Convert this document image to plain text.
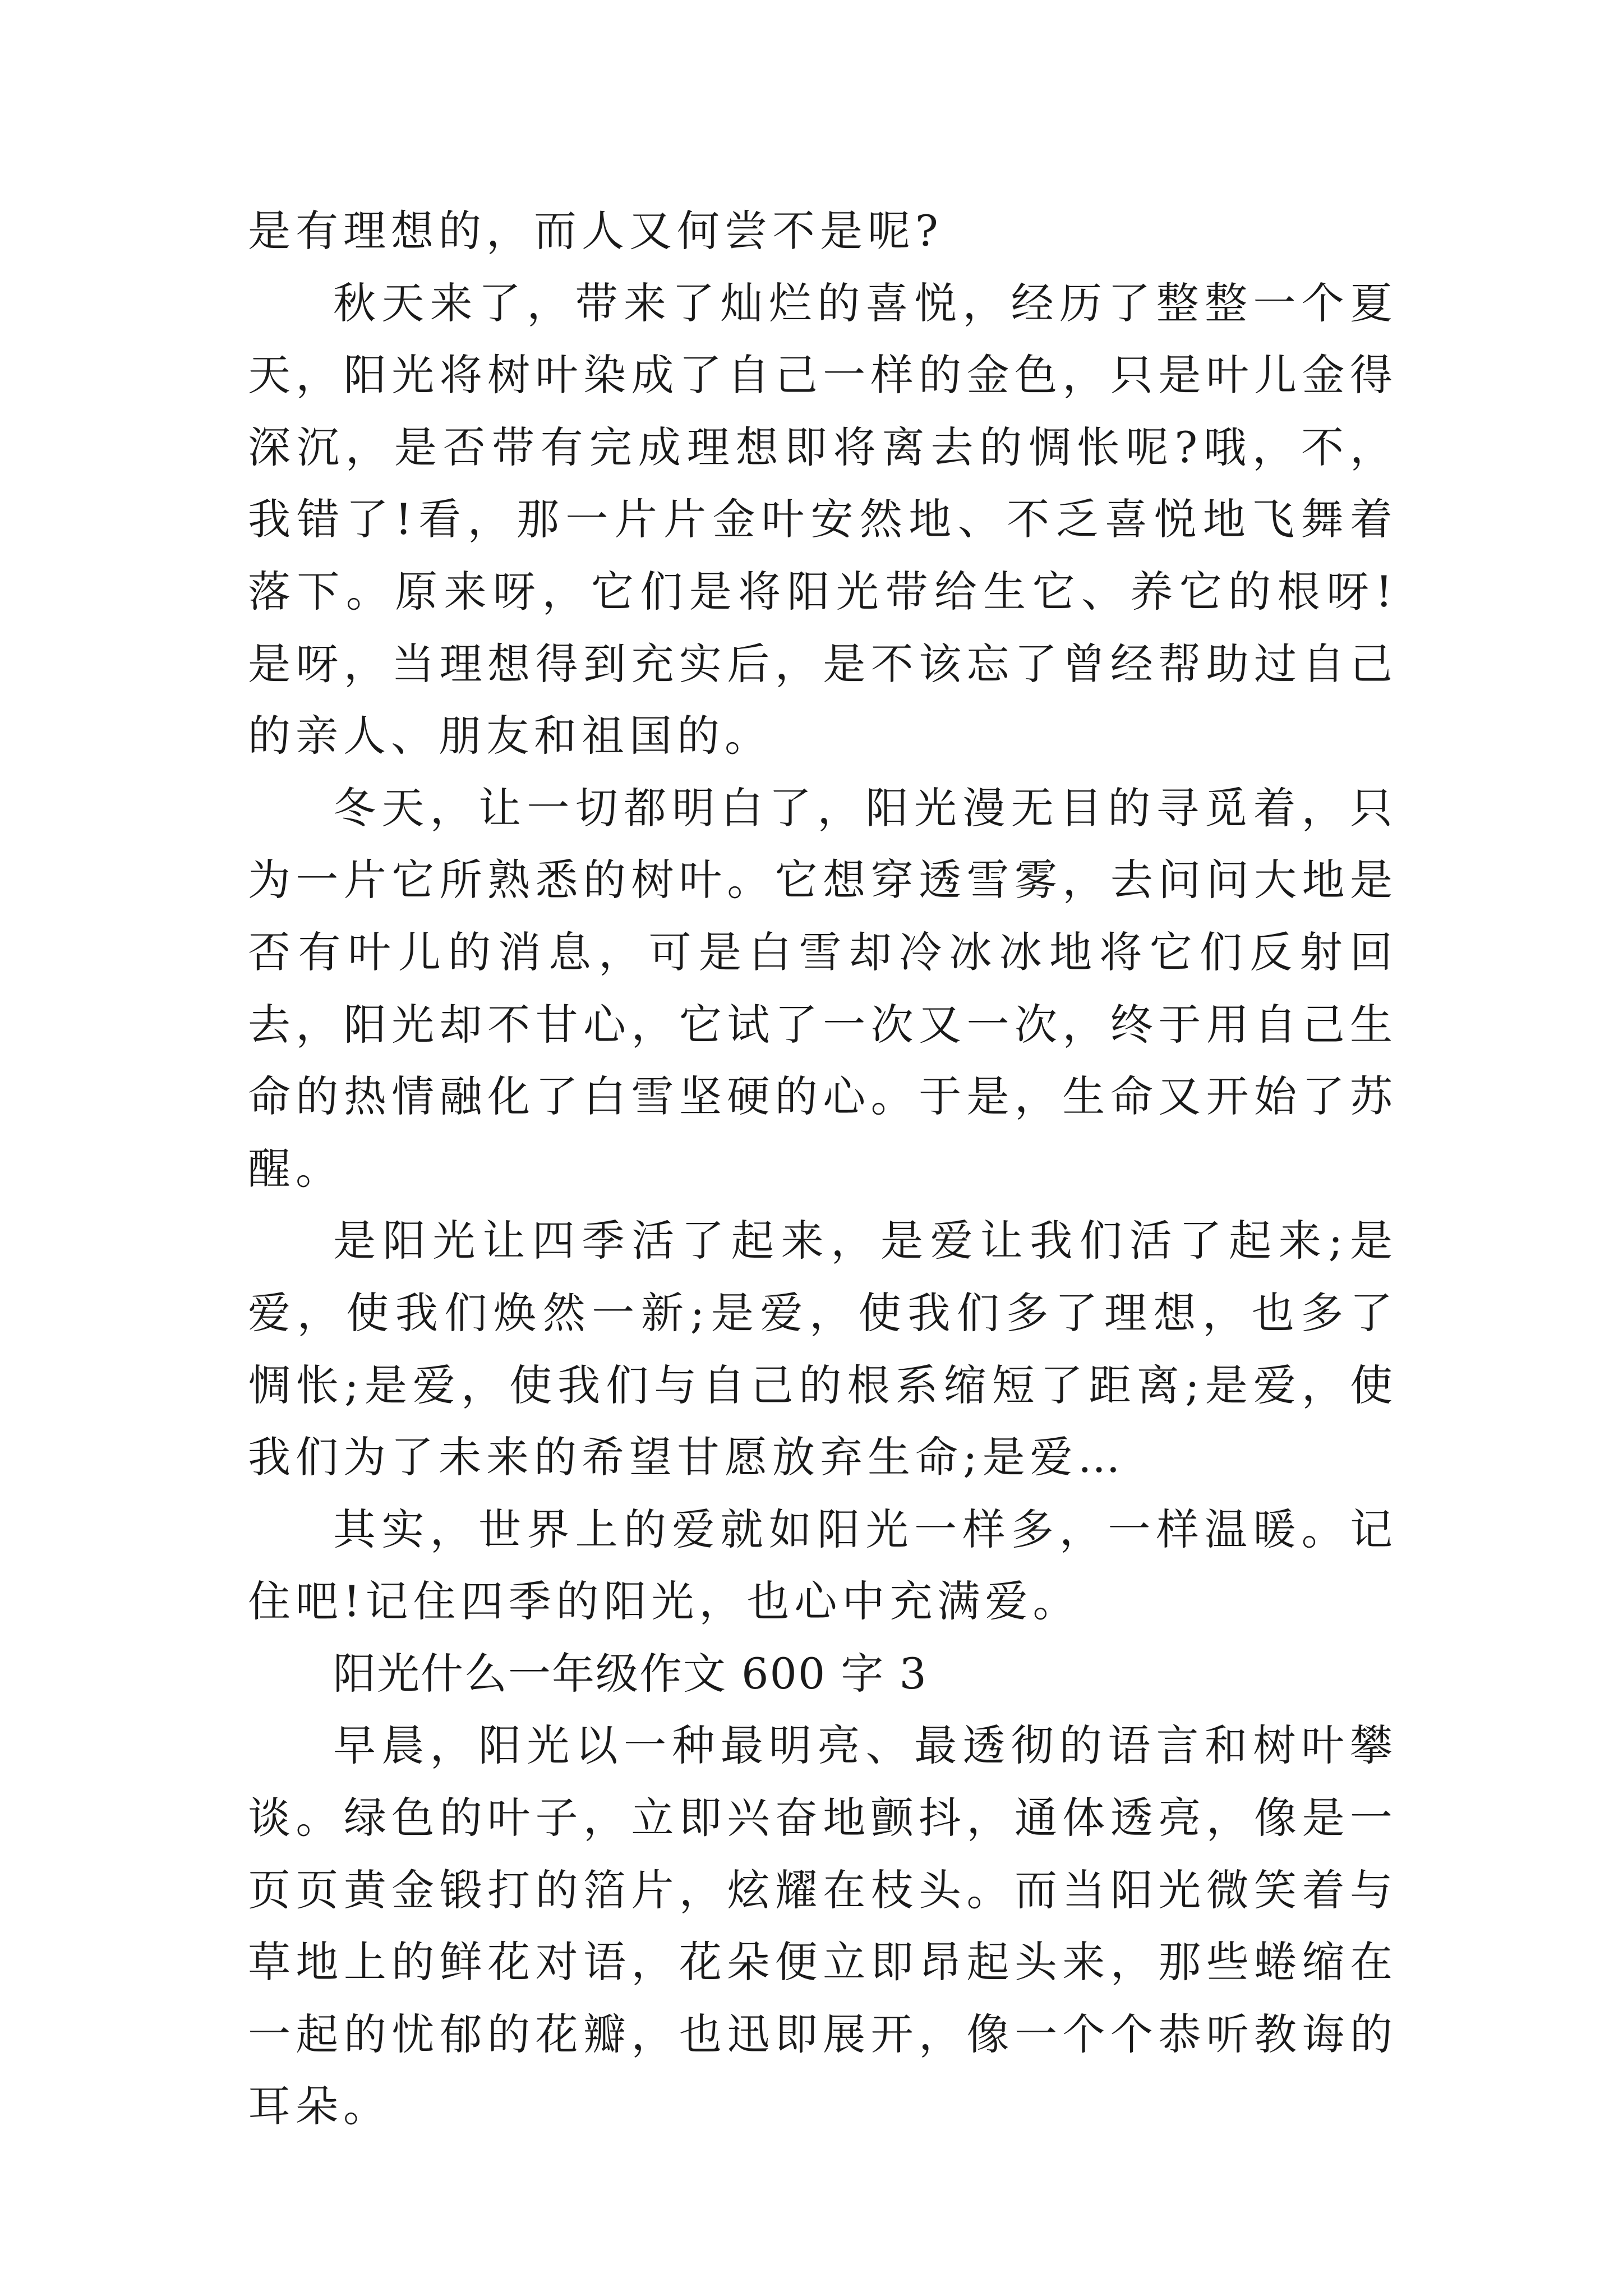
是有理想的，而人又何尝不是呢?

秋天来了，带来了灿烂的喜悦，经历了整整一个夏天，阳光将树叶染成了自己一样的金色，只是叶儿金得深沉，是否带有完成理想即将离去的惆怅呢?哦，不，我错了!看，那一片片金叶安然地、不乏喜悦地飞舞着落下。原来呀，它们是将阳光带给生它、养它的根呀!是呀，当理想得到充实后，是不该忘了曾经帮助过自己的亲人、朋友和祖国的。

冬天，让一切都明白了，阳光漫无目的寻觅着，只为一片它所熟悉的树叶。它想穿透雪雾，去问问大地是否有叶儿的消息，可是白雪却冷冰冰地将它们反射回去，阳光却不甘心，它试了一次又一次，终于用自己生命的热情融化了白雪坚硬的心。于是，生命又开始了苏醒。

是阳光让四季活了起来，是爱让我们活了起来;是爱，使我们焕然一新;是爱，使我们多了理想，也多了惆怅;是爱，使我们与自己的根系缩短了距离;是爱，使我们为了未来的希望甘愿放弃生命;是爱…

其实，世界上的爱就如阳光一样多，一样温暖。记住吧!记住四季的阳光，也心中充满爱。

阳光什么一年级作文 600 字 3

早晨，阳光以一种最明亮、最透彻的语言和树叶攀谈。绿色的叶子，立即兴奋地颤抖，通体透亮，像是一页页黄金锻打的箔片，炫耀在枝头。而当阳光微笑着与草地上的鲜花对语，花朵便立即昂起头来，那些蜷缩在一起的忧郁的花瓣，也迅即展开，像一个个恭听教诲的耳朵。
